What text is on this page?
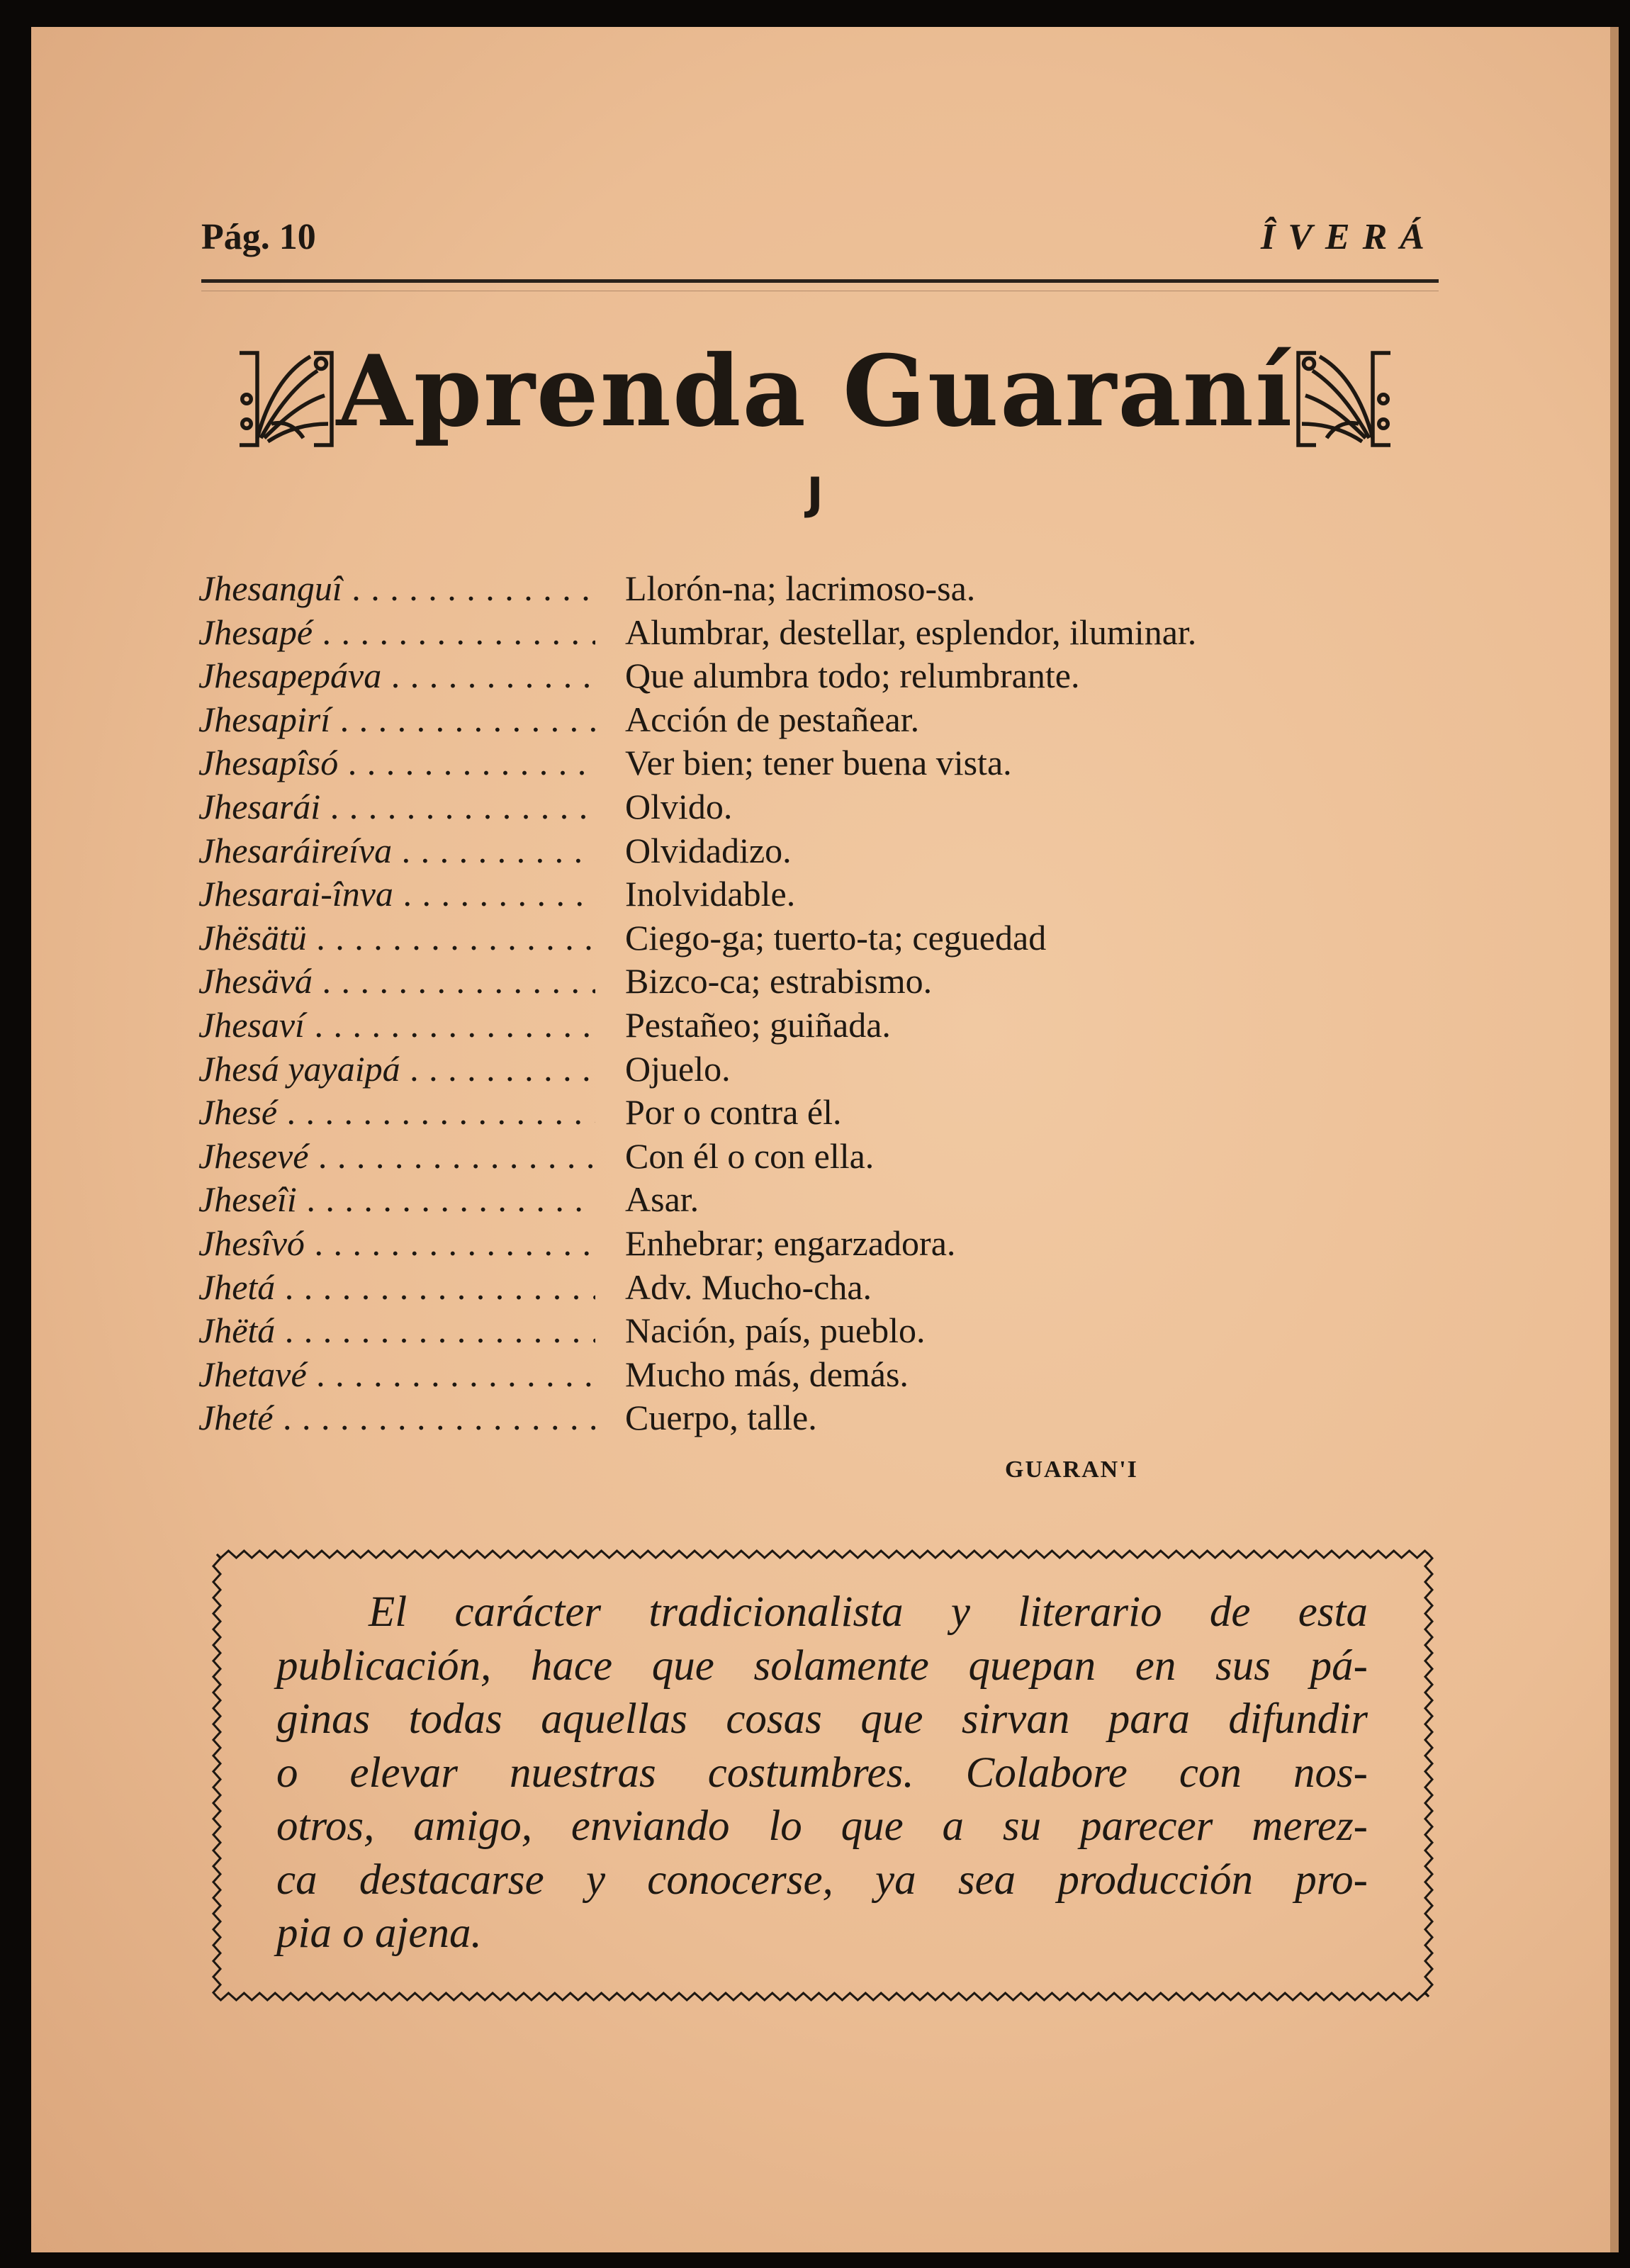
Pág. 10	ÎVERÁ
Aprenda Guaraní
J
Jhesanguî . . .	Llorón-na; lacrimoso-sa.
Jhesapé . . .	Alumbrar, destellar, esplendor, iluminar.
Jhesapepáva . . .	Que alumbra todo; relumbrante.
Jhesapirí . . .	Acción de pestañear.
Jhesapîsó . . .	Ver bien; tener buena vista.
Jhesarái . . .	Olvido.
Jhesaráireíva . . .	Olvidadizo.
Jhesarai-înva . . .	Inolvidable.
Jhësätü . . .	Ciego-ga; tuerto-ta; ceguedad
Jhesävá . . .	Bizco-ca; estrabismo.
Jhesaví . . .	Pestañeo; guiñada.
Jhesá yayaipá . . .	Ojuelo.
Jhesé . . .	Por o contra él.
Jhesevé . . .	Con él o con ella.
Jheseîi . . .	Asar.
Jhesîvó . . .	Enhebrar; engarzadora.
Jhetá . . .	Adv. Mucho-cha.
Jhëtá . . .	Nación, país, pueblo.
Jhetavé . . .	Mucho más, demás.
Jheté . . .	Cuerpo, talle.
GUARAN'I
El carácter tradicionalista y literario de esta
publicación, hace que solamente quepan en sus pá-
ginas todas aquellas cosas que sirvan para difundir
o elevar nuestras costumbres. Colabore con nos-
otros, amigo, enviando lo que a su parecer merez-
ca destacarse y conocerse, ya sea producción pro-
pia o ajena.
